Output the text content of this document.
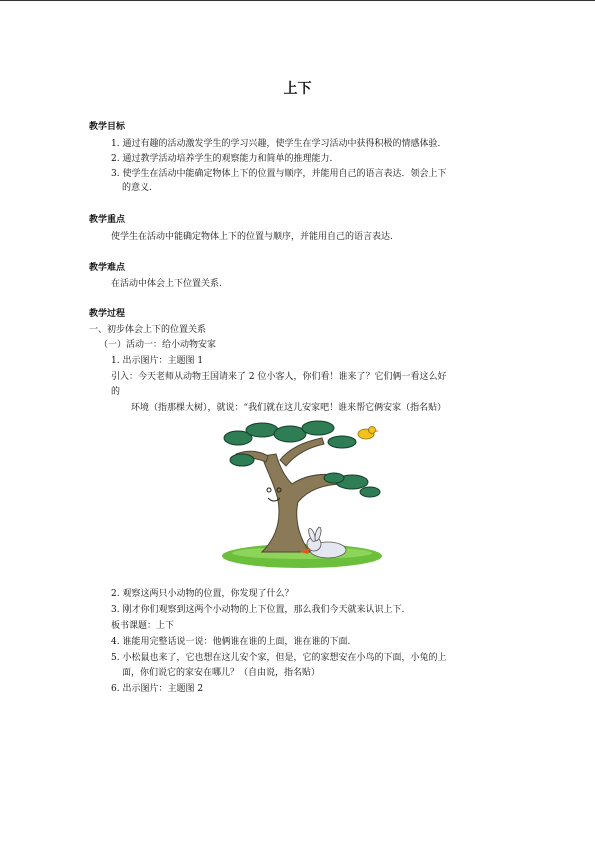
上下
教学目标
1. 通过有趣的活动激发学生的学习兴趣，使学生在学习活动中获得积极的情感体验.
2. 通过教学活动培养学生的观察能力和简单的推理能力.
3. 使学生在活动中能确定物体上下的位置与顺序，并能用自己的语言表达．领会上下
的意义.
教学重点
使学生在活动中能确定物体上下的位置与顺序，并能用自己的语言表达.
教学难点
在活动中体会上下位置关系.
教学过程
一、初步体会上下的位置关系
（一）活动一：给小动物安家
1. 出示图片：主题图 1
引入：今天老师从动物王国请来了 2 位小客人，你们看！谁来了？它们俩一看这么好
的
环境（指那棵大树），就说：“我们就在这儿安家吧！谁来帮它俩安家（指名贴）
2. 观察这两只小动物的位置，你发现了什么？
3. 刚才你们观察到这两个小动物的上下位置，那么我们今天就来认识上下.
板书课题：上下
4. 谁能用完整话说一说：他俩谁在谁的上面，谁在谁的下面.
5. 小松鼠也来了，它也想在这儿安个家，但是，它的家想安在小鸟的下面，小兔的上
面，你们说它的家安在哪儿？（自由说，指名贴）
6. 出示图片：主题图 2
